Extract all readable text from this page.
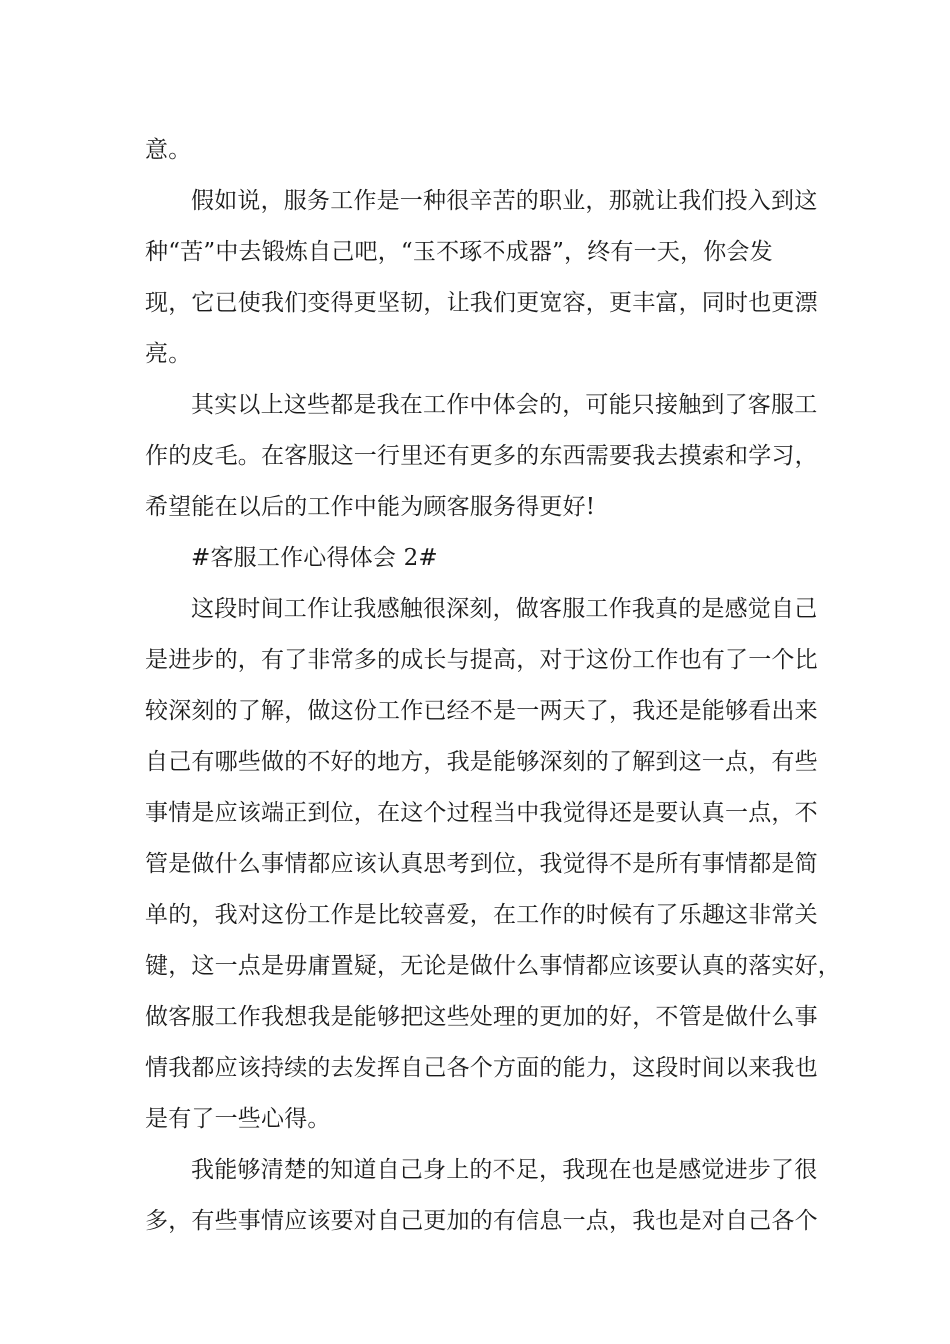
意。
假如说，服务工作是一种很辛苦的职业，那就让我们投入到这
种“苦”中去锻炼自己吧，“玉不琢不成器”，终有一天，你会发
现，它已使我们变得更坚韧，让我们更宽容，更丰富，同时也更漂
亮。
其实以上这些都是我在工作中体会的，可能只接触到了客服工
作的皮毛。在客服这一行里还有更多的东西需要我去摸索和学习，
希望能在以后的工作中能为顾客服务得更好!
#客服工作心得体会 2#
这段时间工作让我感触很深刻，做客服工作我真的是感觉自己
是进步的，有了非常多的成长与提高，对于这份工作也有了一个比
较深刻的了解，做这份工作已经不是一两天了，我还是能够看出来
自己有哪些做的不好的地方，我是能够深刻的了解到这一点，有些
事情是应该端正到位，在这个过程当中我觉得还是要认真一点，不
管是做什么事情都应该认真思考到位，我觉得不是所有事情都是简
单的，我对这份工作是比较喜爱，在工作的时候有了乐趣这非常关
键，这一点是毋庸置疑，无论是做什么事情都应该要认真的落实好，
做客服工作我想我是能够把这些处理的更加的好，不管是做什么事
情我都应该持续的去发挥自己各个方面的能力，这段时间以来我也
是有了一些心得。
我能够清楚的知道自己身上的不足，我现在也是感觉进步了很
多，有些事情应该要对自己更加的有信息一点，我也是对自己各个
